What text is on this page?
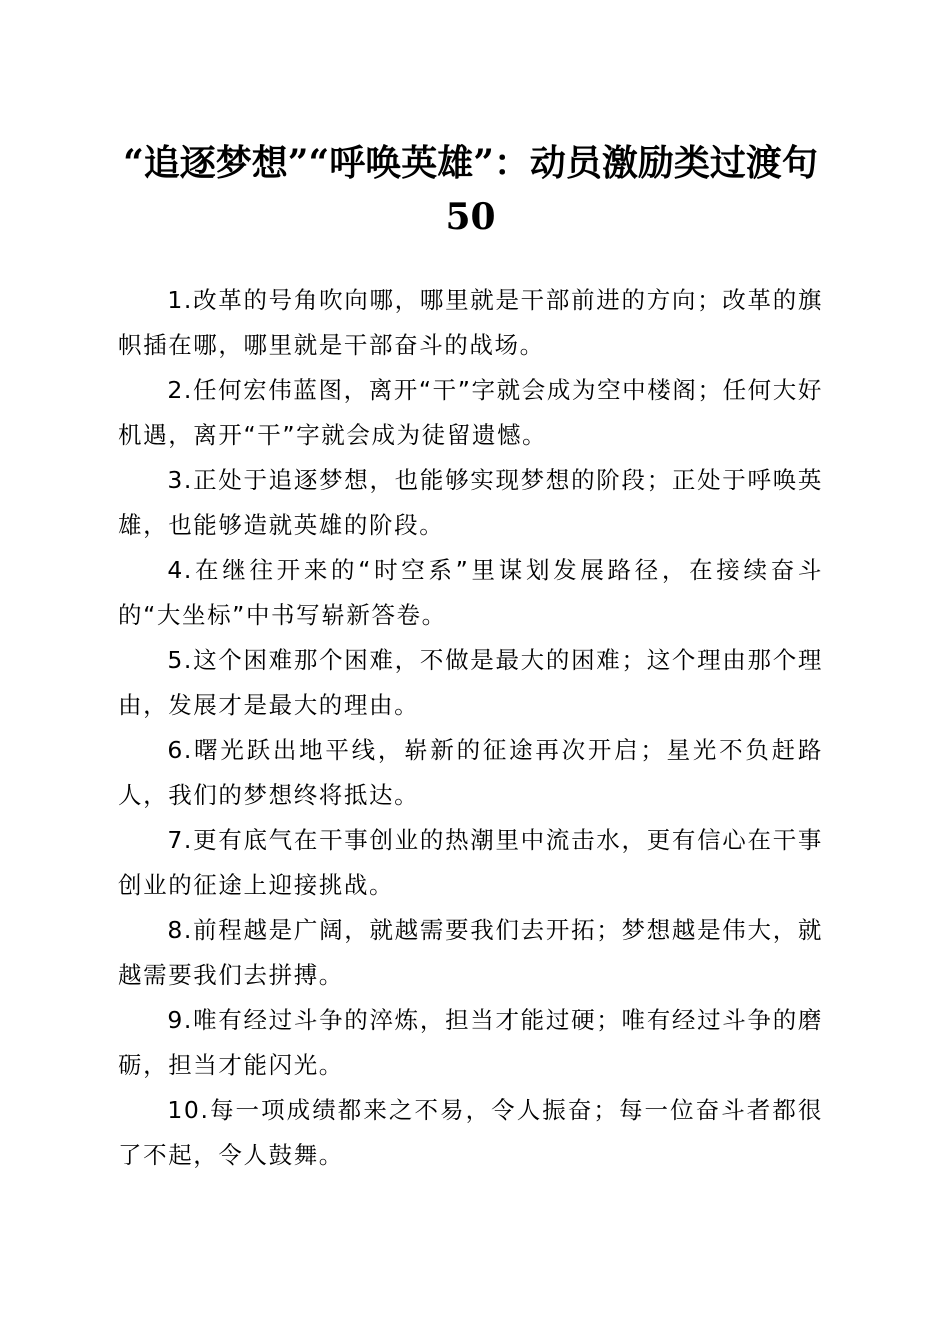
“追逐梦想”“呼唤英雄”：动员激励类过渡句50

1.改革的号角吹向哪，哪里就是干部前进的方向；改革的旗帜插在哪，哪里就是干部奋斗的战场。

2.任何宏伟蓝图，离开“干”字就会成为空中楼阁；任何大好机遇，离开“干”字就会成为徒留遗憾。

3.正处于追逐梦想，也能够实现梦想的阶段；正处于呼唤英雄，也能够造就英雄的阶段。

4.在继往开来的“时空系”里谋划发展路径，在接续奋斗的“大坐标”中书写崭新答卷。

5.这个困难那个困难，不做是最大的困难；这个理由那个理由，发展才是最大的理由。

6.曙光跃出地平线，崭新的征途再次开启；星光不负赶路人，我们的梦想终将抵达。

7.更有底气在干事创业的热潮里中流击水，更有信心在干事创业的征途上迎接挑战。

8.前程越是广阔，就越需要我们去开拓；梦想越是伟大，就越需要我们去拼搏。

9.唯有经过斗争的淬炼，担当才能过硬；唯有经过斗争的磨砺，担当才能闪光。

10.每一项成绩都来之不易，令人振奋；每一位奋斗者都很了不起，令人鼓舞。
